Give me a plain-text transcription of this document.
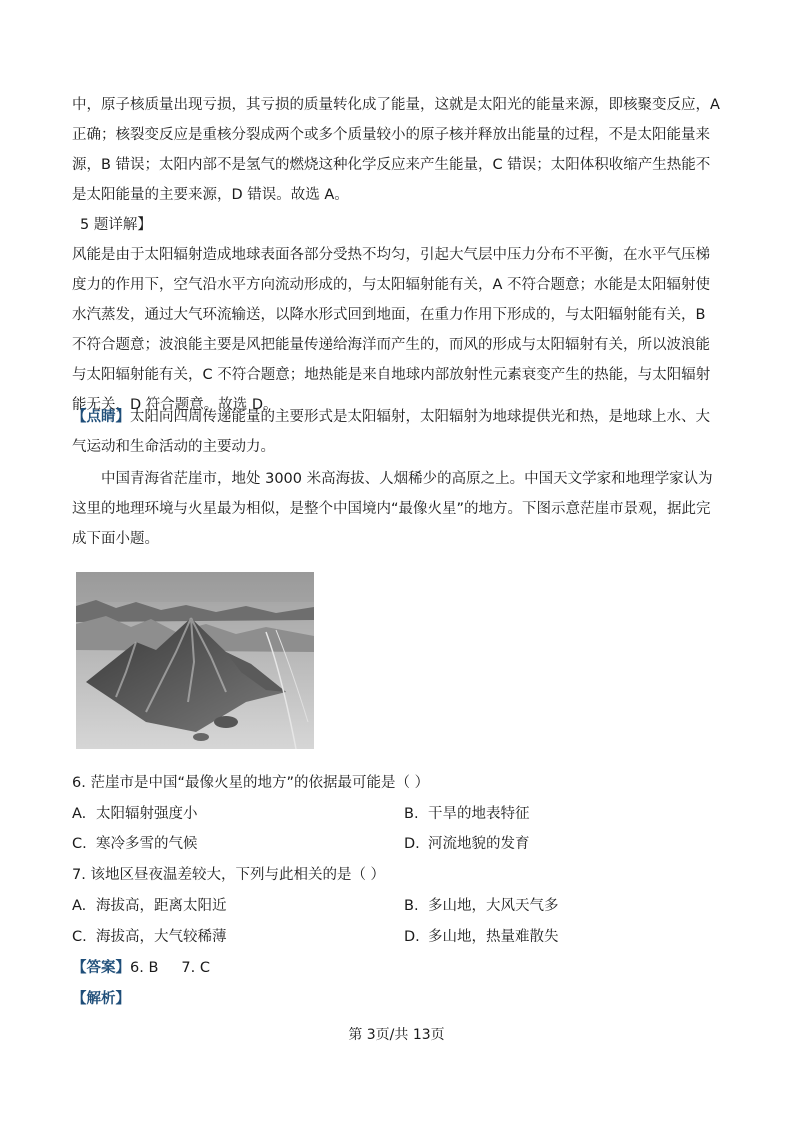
中，原子核质量出现亏损，其亏损的质量转化成了能量，这就是太阳光的能量来源，即核聚变反应，A 正确；核裂变反应是重核分裂成两个或多个质量较小的原子核并释放出能量的过程，不是太阳能量来源，B 错误；太阳内部不是氢气的燃烧这种化学反应来产生能量，C 错误；太阳体积收缩产生热能不是太阳能量的主要来源，D 错误。故选 A。

5 题详解】

风能是由于太阳辐射造成地球表面各部分受热不均匀，引起大气层中压力分布不平衡，在水平气压梯度力的作用下，空气沿水平方向流动形成的，与太阳辐射能有关，A 不符合题意；水能是太阳辐射使水汽蒸发，通过大气环流输送，以降水形式回到地面，在重力作用下形成的，与太阳辐射能有关，B 不符合题意；波浪能主要是风把能量传递给海洋而产生的，而风的形成与太阳辐射有关，所以波浪能与太阳辐射能有关，C 不符合题意；地热能是来自地球内部放射性元素衰变产生的热能，与太阳辐射能无关，D 符合题意。故选 D。

【点睛】太阳向四周传递能量的主要形式是太阳辐射，太阳辐射为地球提供光和热，是地球上水、大气运动和生命活动的主要动力。

中国青海省茫崖市，地处 3000 米高海拔、人烟稀少的高原之上。中国天文学家和地理学家认为这里的地理环境与火星最为相似，是整个中国境内“最像火星”的地方。下图示意茫崖市景观，据此完成下面小题。

6. 茫崖市是中国“最像火星的地方”的依据最可能是（ ）
A. 太阳辐射强度小	B. 干旱的地表特征
C. 寒冷多雪的气候	D. 河流地貌的发育
7. 该地区昼夜温差较大，下列与此相关的是（ ）
A. 海拔高，距离太阳近	B. 多山地，大风天气多
C. 海拔高，大气较稀薄	D. 多山地，热量难散失
【答案】6. B     7. C
【解析】
第 3页/共 13页
